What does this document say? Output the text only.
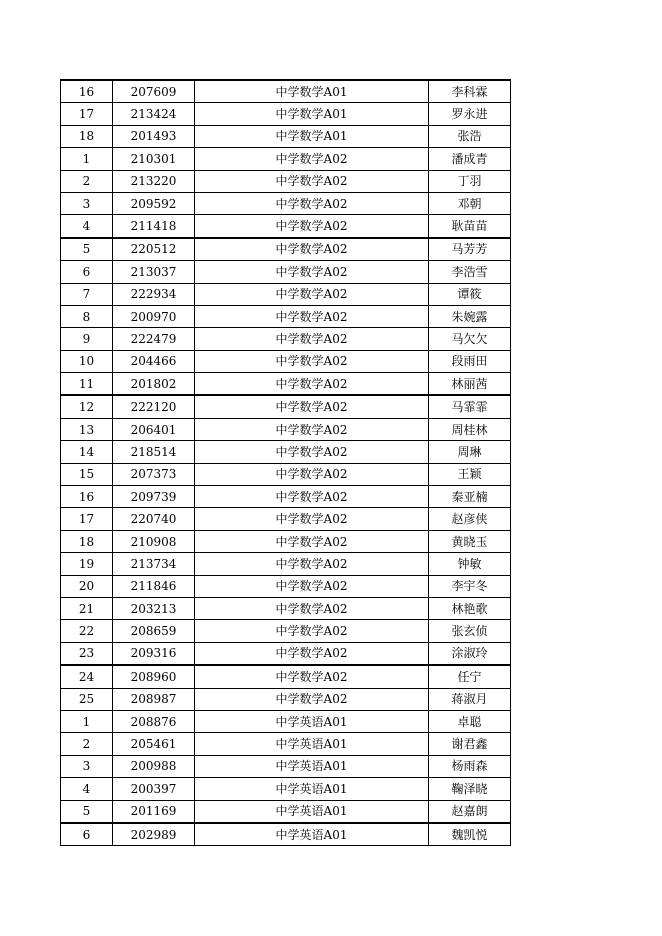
16	207609	中学数学A01	李科霖
17	213424	中学数学A01	罗永进
18	201493	中学数学A01	张浩
1	210301	中学数学A02	潘成青
2	213220	中学数学A02	丁羽
3	209592	中学数学A02	邓朝
4	211418	中学数学A02	耿苗苗
5	220512	中学数学A02	马芳芳
6	213037	中学数学A02	李浩雪
7	222934	中学数学A02	谭筱
8	200970	中学数学A02	朱婉露
9	222479	中学数学A02	马欠欠
10	204466	中学数学A02	段雨田
11	201802	中学数学A02	林丽茜
12	222120	中学数学A02	马霏霏
13	206401	中学数学A02	周桂林
14	218514	中学数学A02	周琳
15	207373	中学数学A02	王颖
16	209739	中学数学A02	秦亚楠
17	220740	中学数学A02	赵彦侠
18	210908	中学数学A02	黄晓玉
19	213734	中学数学A02	钟敏
20	211846	中学数学A02	李宇冬
21	203213	中学数学A02	林艳歌
22	208659	中学数学A02	张玄侦
23	209316	中学数学A02	涂淑玲
24	208960	中学数学A02	任宁
25	208987	中学数学A02	蒋淑月
1	208876	中学英语A01	卓聪
2	205461	中学英语A01	谢君鑫
3	200988	中学英语A01	杨雨森
4	200397	中学英语A01	鞠泽晓
5	201169	中学英语A01	赵嘉朗
6	202989	中学英语A01	魏凯悦
